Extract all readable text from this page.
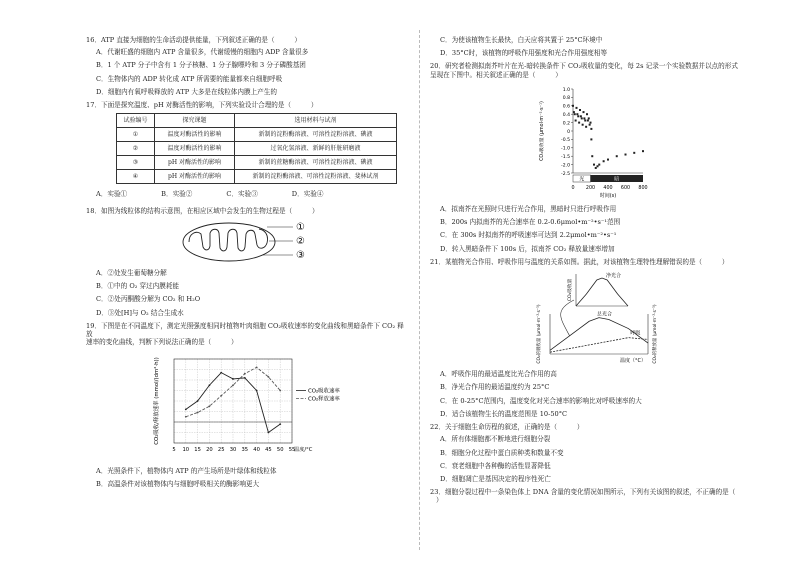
16．ATP 直接为细胞的生命活动提供能量，下列叙述正确的是（　　　）
A．代谢旺盛的细胞内 ATP 含量很多，代谢缓慢的细胞内 ADP 含量很多
B．1 个 ATP 分子中含有 1 分子核糖、1 分子腺嘌呤和 3 分子磷酸基团
C．生物体内的 ADP 转化成 ATP 所需要的能量都来自细胞呼吸
D．细胞内有氧呼吸释放的 ATP 大多是在线粒体内膜上产生的
17．下面是探究温度、pH 对酶活性的影响，下列实验设计合理的是（　　　）
试验编号	探究课题	选用材料与试剂
①	温度对酶活性的影响	新制的淀粉酶溶液、可溶性淀粉溶液、碘液
②	温度对酶活性的影响	过氧化氢溶液、新鲜的肝脏研磨液
③	pH 对酶活性的影响	新制的蔗糖酶溶液、可溶性淀粉溶液、碘液
④	pH 对酶活性的影响	新制的淀粉酶溶液、可溶性淀粉溶液、斐林试剂
A．实验①	B．实验②	C．实验③	D．实验④
18．如图为线粒体的结构示意图，在相应区域中会发生的生物过程是（　　　）
①
②
③
A．②处发生葡萄糖分解
B．①中的 O₂ 穿过内膜耗能
C．②处丙酮酸分解为 CO₂ 和 H₂O
D．③处[H]与 O₂ 结合生成水
19．下图是在不同温度下，测定光照强度相同时植物叶肉细胞 CO₂吸收速率的变化曲线和黑暗条件下 CO₂ 释放
速率的变化曲线，判断下列说法正确的是（　　　）
5 10 15 20 25 30 35 40 45 50 55
温度/°C
CO₂吸收/释放速率 (mmol/(dm²·h))	CO₂吸收速率
CO₂释放速率
A．光照条件下，植物体内 ATP 的产生场所是叶绿体和线粒体
B．高温条件对该植物体内与细胞呼吸相关的酶影响更大
C．为使该植物生长最快，白天应将其置于 25°C环境中
D．35°C时，该植物的呼吸作用强度和光合作用强度相等
20．研究者检测拟南芥叶片在光-暗转换条件下 CO₂吸收量的变化，每 2s 记录一个实验数据并以点的形式
呈现在下图中。相关叙述正确的是（　　　）
1.0
0.8
0.6
0.4
0.2
0
-0.5
-1.0
-1.5
-2.0
-2.5
CO₂吸收量 (μmol·m⁻²·s⁻¹)
光	暗
0 200 400 600 800
时间(s)
A．拟南芥在光照时只进行光合作用，黑暗时只进行呼吸作用
B．200s 内拟南芥的光合速率在 0.2-0.6μmol•m⁻²•s⁻¹范围
C．在 300s 时拟南芥的呼吸速率可达到 2.2μmol•m⁻²•s⁻¹
D．转入黑暗条件下 100s 后，拟南芥 CO₂ 释放量速率增加
21．某植物光合作用、呼吸作用与温度的关系如图。据此，对该植物生理特性理解错误的是（　　　）
CO₂吸收量
净光合
CO₂的吸收量 (μmol·m⁻²·s⁻¹)	CO₂的释放量 (μmol·m⁻²·s⁻¹)
总光合
呼吸
温度（°C）
A．呼吸作用的最适温度比光合作用的高
B．净光合作用的最适温度约为 25°C
C．在 0-25°C范围内，温度变化对光合速率的影响比对呼吸速率的大
D．适合该植物生长的温度范围是 10-50°C
22．关于细胞生命历程的叙述，正确的是（　　　）
A．所有体细胞都不断地进行细胞分裂
B．细胞分化过程中蛋白质种类和数量不变
C．衰老细胞中各种酶的活性显著降低
D．细胞凋亡是基因决定的程序性死亡
23．细胞分裂过程中一条染色体上 DNA 含量的变化情况如图所示，下列有关该图的叙述，不正确的是（
）
